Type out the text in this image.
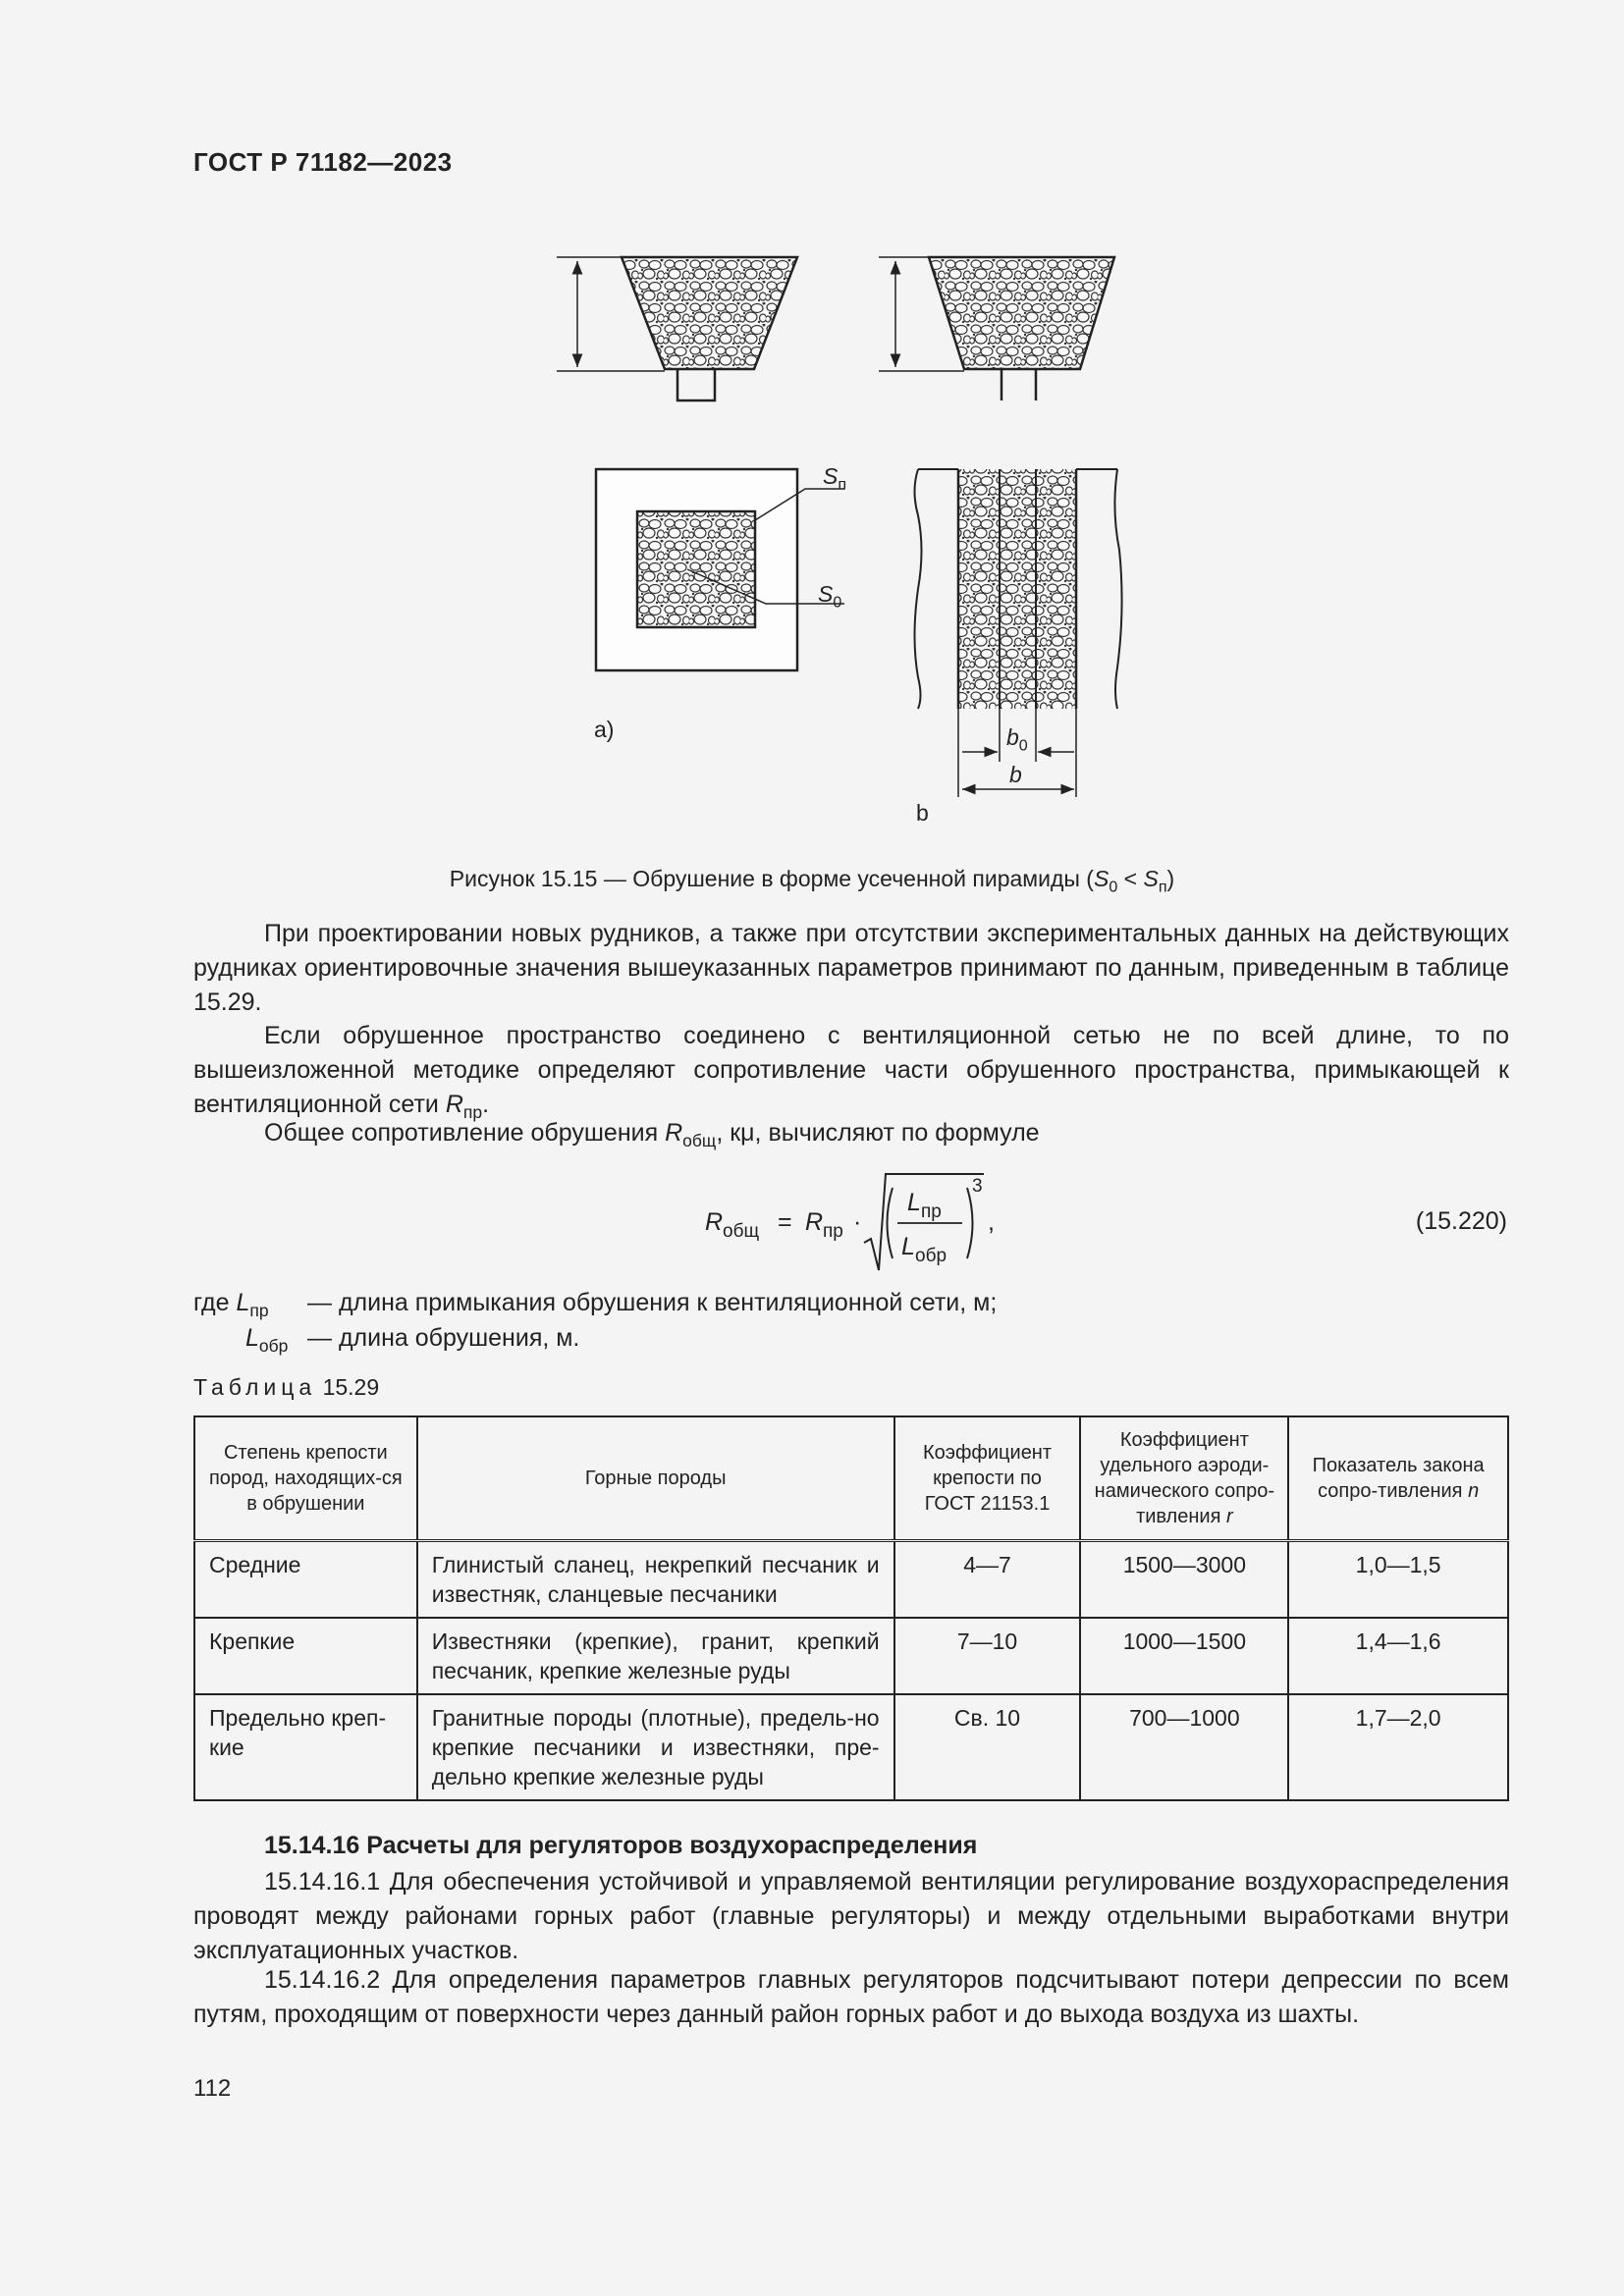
ГОСТ Р 71182—2023
а)
b
$S_п$
$S_0$
$b_0$
b
Рисунок 15.15 — Обрушение в форме усеченной пирамиды $(S_0 < S_п)$
При проектировании новых рудников, а также при отсутствии экспериментальных данных на действующих рудниках ориентировочные значения вышеуказанных параметров принимают по данным, приведенным в таблице 15.29.
Если обрушенное пространство соединено с вентиляционной сетью не по всей длине, то по вышеизложенной методике определяют сопротивление части обрушенного пространства, примыкающей к вентиляционной сети $R_{пр}$.
Общее сопротивление обрушения $R_{общ}$, кμ, вычисляют по формуле
R общ = R пр ·
L пр
L обр
3
,	(15.220)
где $L_{пр}$ — длина примыкания обрушения к вентиляционной сети, м;
$L_{обр}$ — длина обрушения, м.
Таблица 15.29
Степень крепости пород, находящих-ся в обрушении	Горные породы	Коэффициент крепости по ГОСТ 21153.1	Коэффициент удельного аэроди-намического сопро-тивления r	Показатель закона сопро-тивления n
Средние	Глинистый сланец, некрепкий песчаник и известняк, сланцевые песчаники	4—7	1500—3000	1,0—1,5
Крепкие	Известняки (крепкие), гранит, крепкий песчаник, крепкие железные руды	7—10	1000—1500	1,4—1,6
Предельно креп-кие	Гранитные породы (плотные), предель-но крепкие песчаники и известняки, пре-дельно крепкие железные руды	Св. 10	700—1000	1,7—2,0
15.14.16 Расчеты для регуляторов воздухораспределения
15.14.16.1 Для обеспечения устойчивой и управляемой вентиляции регулирование воздухораспределения проводят между районами горных работ (главные регуляторы) и между отдельными выработками внутри эксплуатационных участков.
15.14.16.2 Для определения параметров главных регуляторов подсчитывают потери депрессии по всем путям, проходящим от поверхности через данный район горных работ и до выхода воздуха из шахты.
112
